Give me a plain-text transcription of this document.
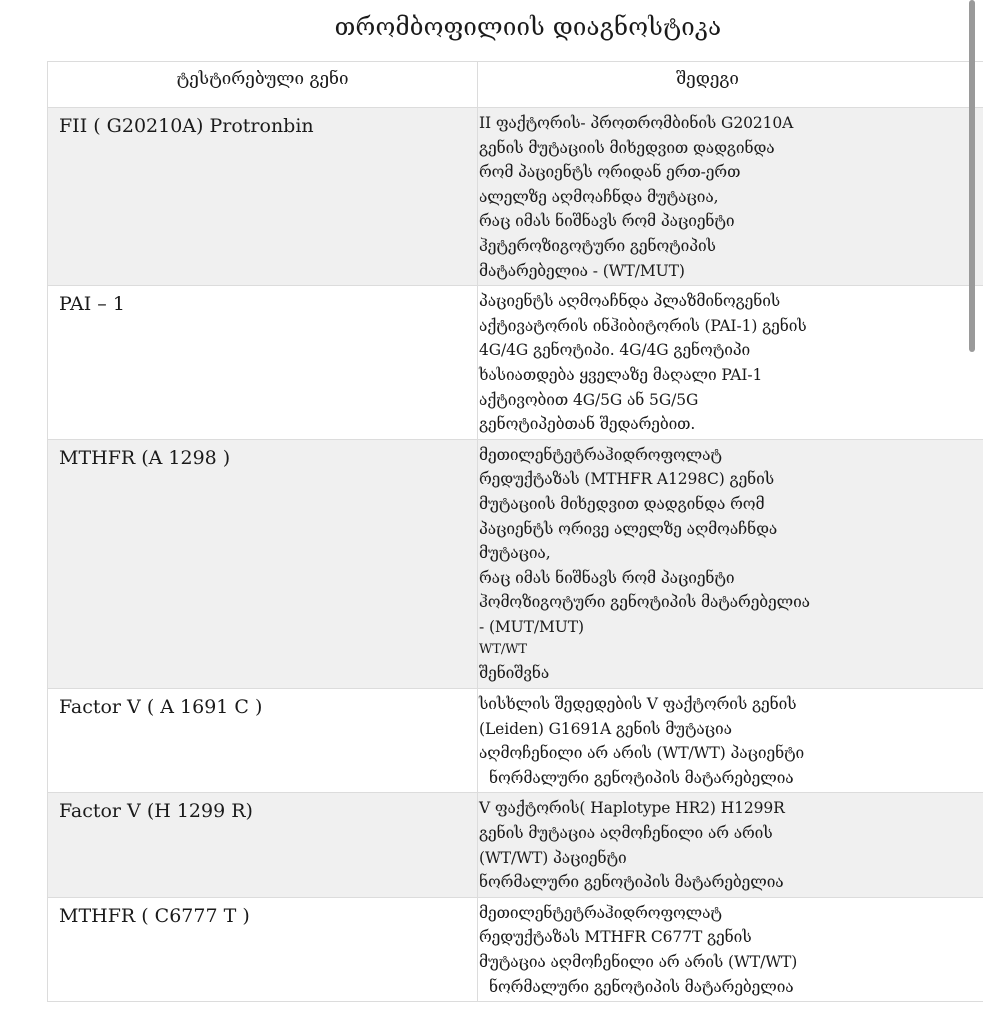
თრომბოფილიის დიაგნოსტიკა
ტესტირებული გენი	შედეგი
FII ( G20210A) Protronbin	II ფაქტორის- პროთრომბინის G20210A
გენის მუტაციის მიხედვით დადგინდა
რომ პაციენტს ორიდან ერთ-ერთ
ალელზე აღმოაჩნდა მუტაცია,
რაც იმას ნიშნავს რომ პაციენტი
ჰეტეროზიგოტური გენოტიპის
მატარებელია - (WT/MUT)

PAI – 1	პაციენტს აღმოაჩნდა პლაზმინოგენის
აქტივატორის ინჰიბიტორის (PAI-1) გენის
4G/4G გენოტიპი. 4G/4G გენოტიპი
ხასიათდება ყველაზე მაღალი PAI-1
აქტივობით 4G/5G ან 5G/5G
გენოტიპებთან შედარებით.

MTHFR (A 1298 )	მეთილენტეტრაჰიდროფოლატ
რედუქტაზას (MTHFR A1298C) გენის
მუტაციის მიხედვით დადგინდა რომ
პაციენტს ორივე ალელზე აღმოაჩნდა
მუტაცია,
რაც იმას ნიშნავს რომ პაციენტი
ჰომოზიგოტური გენოტიპის მატარებელია
- (MUT/MUT)
WT/WT
შენიშვნა

Factor V ( A 1691 C )	სისხლის შედედების V ფაქტორის გენის
(Leiden) G1691A გენის მუტაცია
აღმოჩენილი არ არის (WT/WT) პაციენტი
ნორმალური გენოტიპის მატარებელია

Factor V (H 1299 R)	V ფაქტორის( Haplotype HR2) H1299R
გენის მუტაცია აღმოჩენილი არ არის
(WT/WT) პაციენტი
ნორმალური გენოტიპის მატარებელია

MTHFR ( C6777 T )	მეთილენტეტრაჰიდროფოლატ
რედუქტაზას MTHFR C677T გენის
მუტაცია აღმოჩენილი არ არის (WT/WT)
ნორმალური გენოტიპის მატარებელია
